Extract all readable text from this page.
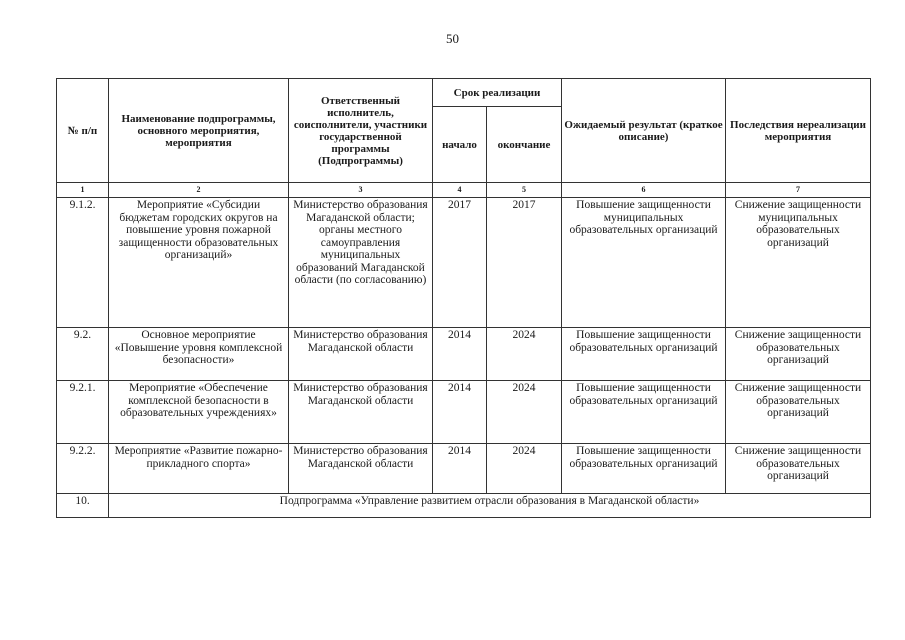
50
№ п/п	Наименование подпрограммы, основного мероприятия, мероприятия	Ответственный исполнитель, соисполнители, участники государственной программы (Подпрограммы)	Срок реализации		Ожидаемый результат (краткое описание)	Последствия нереализации мероприятия
			начало	окончание		
1	2	3	4	5	6	7
9.1.2.	Мероприятие «Субсидии бюджетам городских округов на повышение уровня пожарной защищенности образовательных организаций»	Министерство образования Магаданской области; органы местного самоуправления муниципальных образований Магаданской области (по согласованию)	2017	2017	Повышение защищенности муниципальных образовательных организаций	Снижение защищенности муниципальных образовательных организаций
9.2.	Основное мероприятие «Повышение уровня комплексной безопасности»	Министерство образования Магаданской области	2014	2024	Повышение защищенности образовательных организаций	Снижение защищенности образовательных организаций
9.2.1.	Мероприятие «Обеспечение комплексной безопасности в образовательных учреждениях»	Министерство образования Магаданской области	2014	2024	Повышение защищенности образовательных организаций	Снижение защищенности образовательных организаций
9.2.2.	Мероприятие «Развитие пожарно-прикладного спорта»	Министерство образования Магаданской области	2014	2024	Повышение защищенности образовательных организаций	Снижение защищенности образовательных организаций
10.	Подпрограмма «Управление развитием отрасли образования в Магаданской области»					
